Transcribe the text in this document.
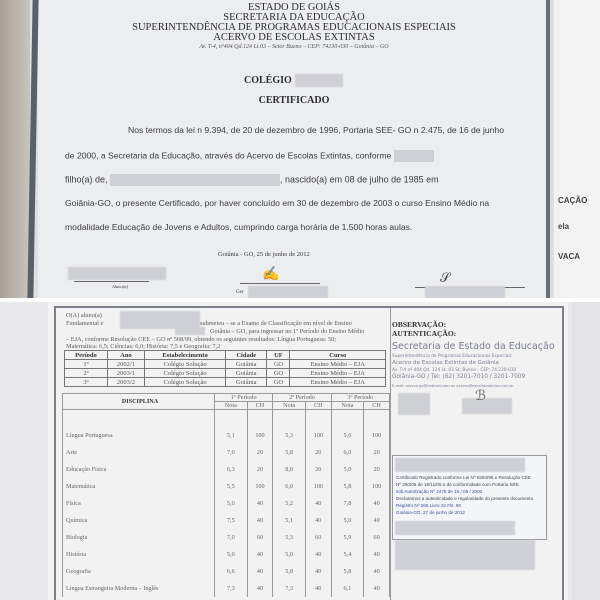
CAÇÃO
ela
VACA
ESTADO DE GOIÁS
SECRETARIA DA EDUCAÇÃO
SUPERINTENDÊNCIA DE PROGRAMAS EDUCACIONAIS ESPECIAIS
ACERVO DE ESCOLAS EXTINTAS
Av. T-4, nº404 Qd.124 Lt.03 – Setor Bueno – CEP: 74230-030 – Goiânia – GO
COLÉGIO
CERTIFICADO
Nos termos da lei n 9.394, de 20 de dezembro de 1996, Portaria SEE- GO n 2.475, de 16 de junho
de 2000, a Secretaria da Educação, através do Acervo de Escolas Extintas, conforme
filho(a) de,	, nascido(a) em 08 de julho de 1985 em
Goiânia-GO, o presente Certificado, por haver concluído em 30 de dezembro de 2003 o curso Ensino Médio na
modalidade Educação de Jovens e Adultos, cumprindo carga horária de 1.500 horas aulas.
Goiânia - GO, 25 de junho de 2012
Aluno(a)
✍
Ger
𝒮
O(A) aluno(a)
Fundamental e	submeteu – se a Exame de Classificação em nível de Ensino
Goiânia – GO, para ingressar no 1º Período do Ensino Médio
– EJA, conforme Resolução CEE – GO nº 568/99, obtendo os seguintes resultados: Língua Portuguesa: 50;
Matemática: 6,5; Ciências: 6,0; História: 7,5 e Geografia: 7,2
Período	Ano	Estabelecimento	Cidade	UF	Curso
1º	2002/1	Colégio Solução	Goiânia	GO	Ensino Médio – EJA
2º	2003/1	Colégio Solução	Goiânia	GO	Ensino Médio – EJA
3º	2003/2	Colégio Solução	Goiânia	GO	Ensino Médio – EJA
DISCIPLINA	1º Período		2º Período		3º Período	
	Nota	CH	Nota	CH	Nota	CH

Língua Portuguesa	5,1	100	5,3	100	5,6	100
Arte	7,0	20	5,8	20	6,0	20
Educação Física	6,3	20	8,0	20	5,0	20
Matemática	5,5	100	6,0	100	5,8	100
Física	5,0	40	5,2	40	7,8	40
Química	7,5	40	5,1	40	5,0	40
Biologia	7,0	60	5,3	60	5,9	60
História	5,0	40	5,0	40	5,4	40
Geografia	6,6	40	5,8	40	5,8	40
Língua Estrangeira Moderna – Inglês	7,3	40	7,3	40	6,1	40
OBSERVAÇÃO:
AUTENTICAÇÃO:
Secretaria de Estado da Educação
Superintendência de Programas Educacionais Especiais
Acervo de Escolas Extintas de Goiânia
Av. T-4 nº 404 Qd. 124 Lt. 03 St. Bueno - CEP: 74.230-030
Goiânia-GO / Tel: (62) 3201-7010 / 3201-7009
E-mail: acervo-ge@hotmail.com ou acervo@escolasextintas.com.br
ℬ
Certificado Registrado conforme Lei Nº 9394/96 e Resolução CEE
Nº 260/05 de 18/11/05 e de conformidade com Portaria SEE
sob Autorização Nº 2475 de 16 / 06 / 2000
Declaramos a autenticidade e regularidade do presente documento
Registro Nº 265 Livro 22 Fls. 90
Goiânia-GO, 27 de junho de 2012
